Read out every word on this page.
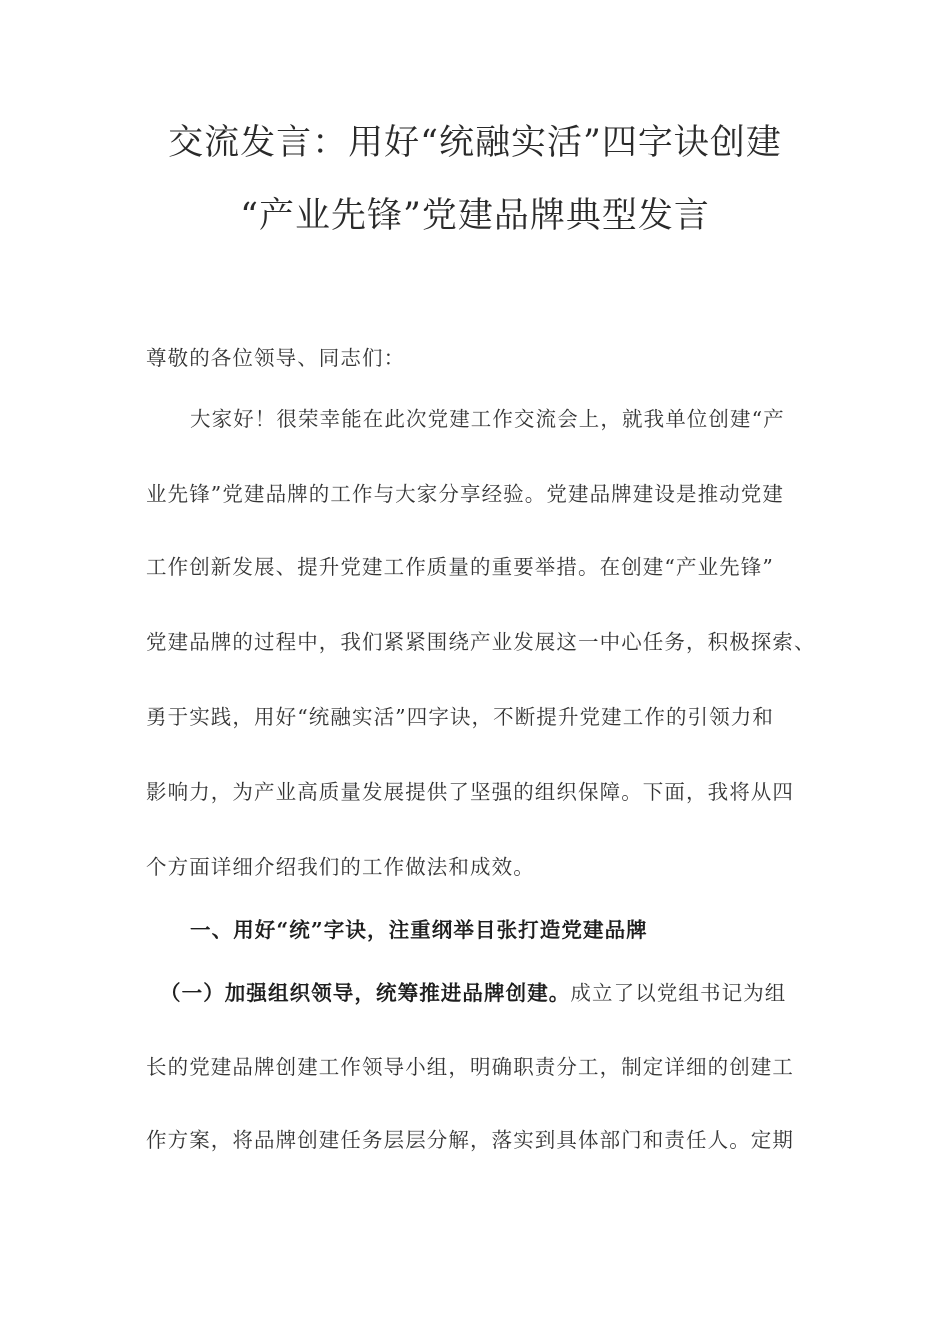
交流发言：用好“统融实活”四字诀创建
“产业先锋”党建品牌典型发言
尊敬的各位领导、同志们：
大家好！很荣幸能在此次党建工作交流会上，就我单位创建“产
业先锋”党建品牌的工作与大家分享经验。党建品牌建设是推动党建
工作创新发展、提升党建工作质量的重要举措。在创建“产业先锋”
党建品牌的过程中，我们紧紧围绕产业发展这一中心任务，积极探索、
勇于实践，用好“统融实活”四字诀，不断提升党建工作的引领力和
影响力，为产业高质量发展提供了坚强的组织保障。下面，我将从四
个方面详细介绍我们的工作做法和成效。
一、用好“统”字诀，注重纲举目张打造党建品牌
（一）加强组织领导，统筹推进品牌创建。成立了以党组书记为组
长的党建品牌创建工作领导小组，明确职责分工，制定详细的创建工
作方案，将品牌创建任务层层分解，落实到具体部门和责任人。定期
